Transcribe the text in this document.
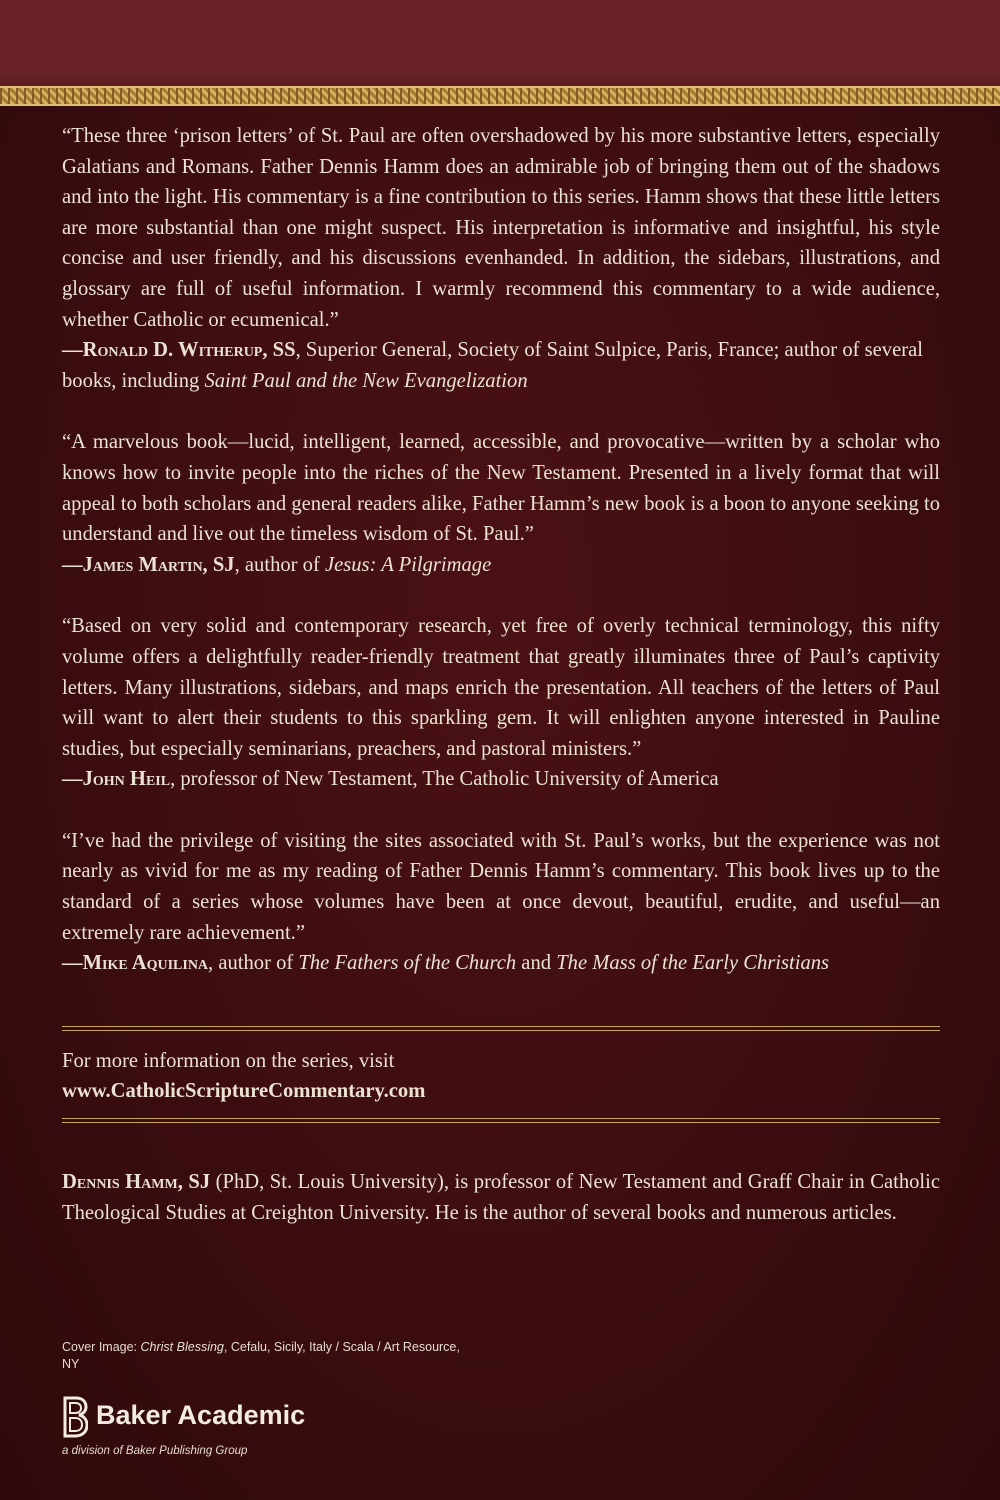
“These three ‘prison letters’ of St. Paul are often overshadowed by his more substantive letters, especially Galatians and Romans. Father Dennis Hamm does an admirable job of bringing them out of the shadows and into the light. His commentary is a fine contribution to this series. Hamm shows that these little letters are more substantial than one might suspect. His interpretation is informative and insightful, his style concise and user friendly, and his discussions evenhanded. In addition, the sidebars, illustrations, and glossary are full of useful information. I warmly recommend this commentary to a wide audience, whether Catholic or ecumenical.”

—Ronald D. Witherup, SS, Superior General, Society of Saint Sulpice, Paris, France; author of several books, including Saint Paul and the New Evangelization

“A marvelous book—lucid, intelligent, learned, accessible, and provocative—written by a scholar who knows how to invite people into the riches of the New Testament. Presented in a lively format that will appeal to both scholars and general readers alike, Father Hamm’s new book is a boon to anyone seeking to understand and live out the timeless wisdom of St. Paul.”

—James Martin, SJ, author of Jesus: A Pilgrimage

“Based on very solid and contemporary research, yet free of overly technical terminology, this nifty volume offers a delightfully reader-friendly treatment that greatly illuminates three of Paul’s captivity letters. Many illustrations, sidebars, and maps enrich the presentation. All teachers of the letters of Paul will want to alert their students to this sparkling gem. It will enlighten anyone interested in Pauline studies, but especially seminarians, preachers, and pastoral ministers.”

—John Heil, professor of New Testament, The Catholic University of America

“I’ve had the privilege of visiting the sites associated with St. Paul’s works, but the experience was not nearly as vivid for me as my reading of Father Dennis Hamm’s commentary. This book lives up to the standard of a series whose volumes have been at once devout, beautiful, erudite, and useful—an extremely rare achievement.”

—Mike Aquilina, author of The Fathers of the Church and The Mass of the Early Christians

For more information on the series, visit
www.CatholicScriptureCommentary.com

Dennis Hamm, SJ (PhD, St. Louis University), is professor of New Testament and Graff Chair in Catholic Theological Studies at Creighton University. He is the author of several books and numerous articles.

Cover Image: Christ Blessing, Cefalu, Sicily, Italy / Scala / Art Resource, NY

Baker Academic
a division of Baker Publishing Group
